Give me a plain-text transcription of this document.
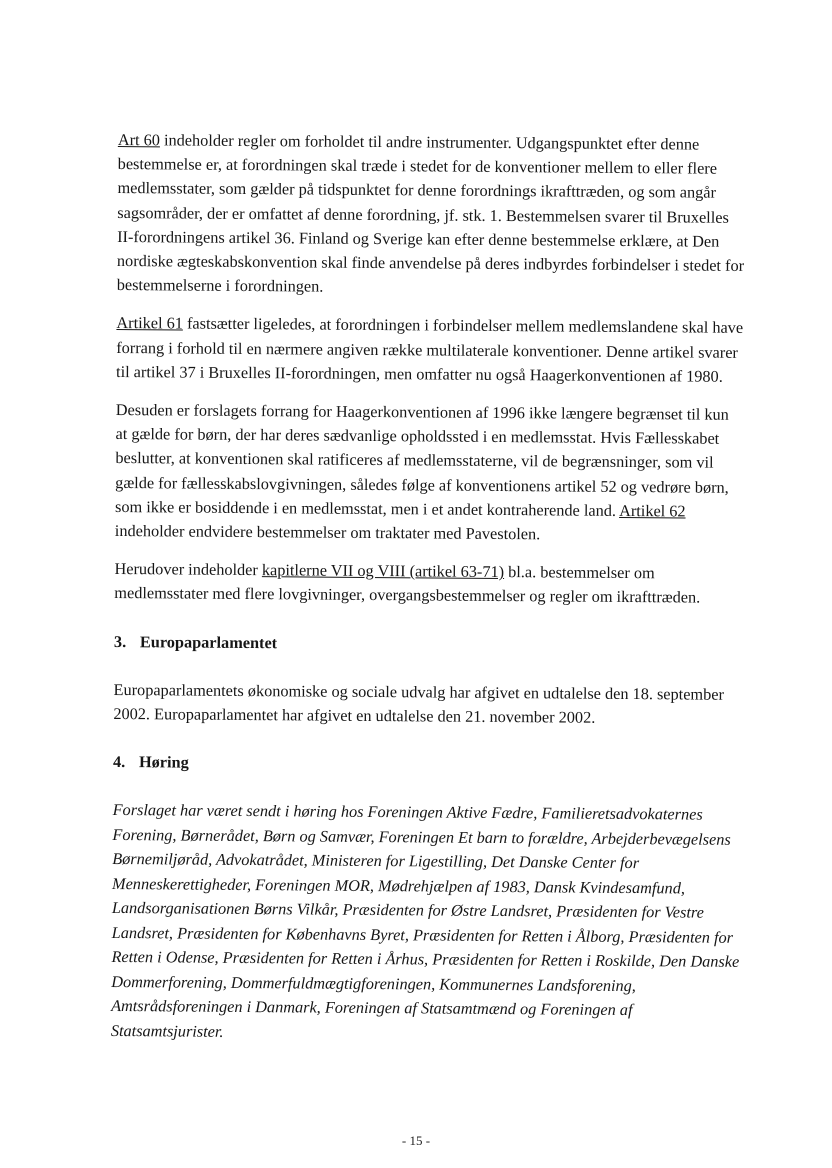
Art 60 indeholder regler om forholdet til andre instrumenter. Udgangspunktet efter denne bestemmelse er, at forordningen skal træde i stedet for de konventioner mellem to eller flere medlemsstater, som gælder på tidspunktet for denne forordnings ikrafttræden, og som angår sagsområder, der er omfattet af denne forordning, jf. stk. 1. Bestemmelsen svarer til Bruxelles II-forordningens artikel 36. Finland og Sverige kan efter denne bestemmelse erklære, at Den nordiske ægteskabskonvention skal finde anvendelse på deres indbyrdes forbindelser i stedet for bestemmelserne i forordningen.

Artikel 61 fastsætter ligeledes, at forordningen i forbindelser mellem medlemslandene skal have forrang i forhold til en nærmere angiven række multilaterale konventioner. Denne artikel svarer til artikel 37 i Bruxelles II-forordningen, men omfatter nu også Haagerkonventionen af 1980.

Desuden er forslagets forrang for Haagerkonventionen af 1996 ikke længere begrænset til kun at gælde for børn, der har deres sædvanlige opholdssted i en medlemsstat. Hvis Fællesskabet beslutter, at konventionen skal ratificeres af medlemsstaterne, vil de begrænsninger, som vil gælde for fællesskabslovgivningen, således følge af konventionens artikel 52 og vedrøre børn, som ikke er bosiddende i en medlemsstat, men i et andet kontraherende land. Artikel 62 indeholder endvidere bestemmelser om traktater med Pavestolen.

Herudover indeholder kapitlerne VII og VIII (artikel 63-71) bl.a. bestemmelser om medlemsstater med flere lovgivninger, overgangsbestemmelser og regler om ikrafttræden.

3. Europaparlamentet

Europaparlamentets økonomiske og sociale udvalg har afgivet en udtalelse den 18. september 2002. Europaparlamentet har afgivet en udtalelse den 21. november 2002.

4. Høring

Forslaget har været sendt i høring hos Foreningen Aktive Fædre, Familieretsadvokaternes Forening, Børnerådet, Børn og Samvær, Foreningen Et barn to forældre, Arbejderbevægelsens Børnemiljøråd, Advokatrådet, Ministeren for Ligestilling, Det Danske Center for Menneskerettigheder, Foreningen MOR, Mødrehjælpen af 1983, Dansk Kvindesamfund, Landsorganisationen Børns Vilkår, Præsidenten for Østre Landsret, Præsidenten for Vestre Landsret, Præsidenten for Københavns Byret, Præsidenten for Retten i Ålborg, Præsidenten for Retten i Odense, Præsidenten for Retten i Århus, Præsidenten for Retten i Roskilde, Den Danske Dommerforening, Dommerfuldmægtigforeningen, Kommunernes Landsforening, Amtsrådsforeningen i Danmark, Foreningen af Statsamtmænd og Foreningen af Statsamtsjurister.

- 15 -
